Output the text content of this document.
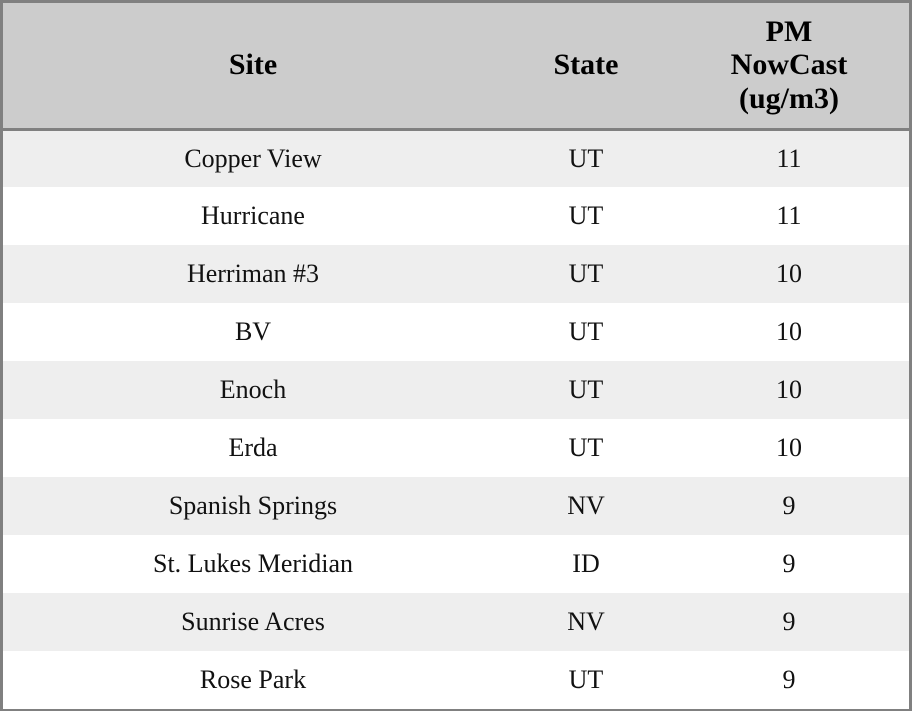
Site	State	PM
NowCast
(ug/m3)

Copper View	UT	11
Hurricane	UT	11
Herriman #3	UT	10
BV	UT	10
Enoch	UT	10
Erda	UT	10
Spanish Springs	NV	9
St. Lukes Meridian	ID	9
Sunrise Acres	NV	9
Rose Park	UT	9
